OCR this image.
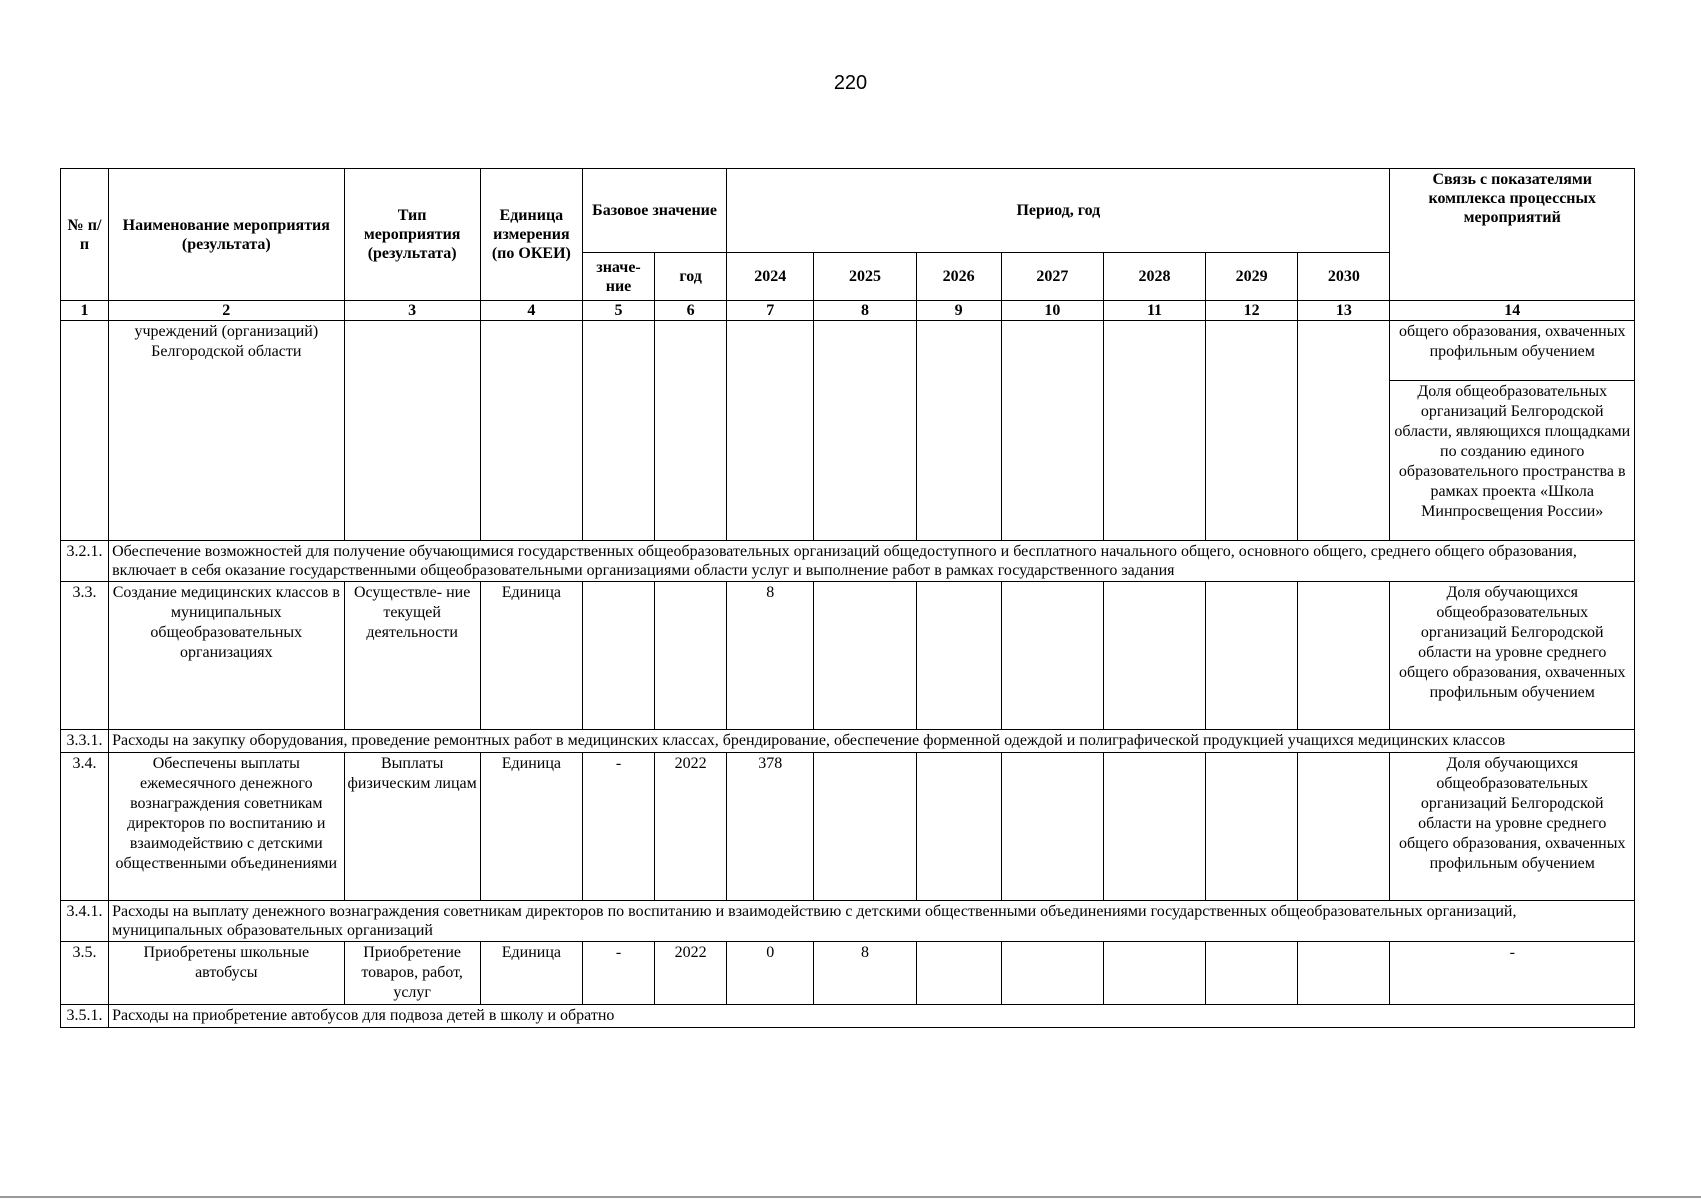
220
№ п/п	Наименование мероприятия (результата)	Тип мероприятия (результата)	Единица измерения (по ОКЕИ)	Базовое значение		Период, год							Связь с показателями комплекса процессных мероприятий
				значе- ние	год	2024	2025	2026	2027	2028	2029	2030	
1	2	3	4	5	6	7	8	9	10	11	12	13	14
	учреждений (организаций) Белгородской области												общего образования, охваченных профильным обучением
													Доля общеобразовательных организаций Белгородской области, являющихся площадками по созданию единого образовательного пространства в рамках проекта «Школа Минпросвещения России»
3.2.1.	Обеспечение возможностей для получение обучающимися государственных общеобразовательных организаций общедоступного и бесплатного начального общего, основного общего, среднего общего образования, включает в себя оказание государственными общеобразовательными организациями области услуг и выполнение работ в рамках государственного задания												
3.3.	Создание медицинских классов в муниципальных общеобразовательных организациях	Осуществле- ние текущей деятельности	Единица			8							Доля обучающихся общеобразовательных организаций Белгородской области на уровне среднего общего образования, охваченных профильным обучением
3.3.1.	Расходы на закупку оборудования, проведение ремонтных работ в медицинских классах, брендирование, обеспечение форменной одеждой и полиграфической продукцией учащихся медицинских классов												
3.4.	Обеспечены выплаты ежемесячного денежного вознаграждения советникам директоров по воспитанию и взаимодействию с детскими общественными объединениями	Выплаты физическим лицам	Единица	-	2022	378							Доля обучающихся общеобразовательных организаций Белгородской области на уровне среднего общего образования, охваченных профильным обучением
3.4.1.	Расходы на выплату денежного вознаграждения советникам директоров по воспитанию и взаимодействию с детскими общественными объединениями государственных общеобразовательных организаций, муниципальных образовательных организаций												
3.5.	Приобретены школьные автобусы	Приобретение товаров, работ, услуг	Единица	-	2022	0	8						-
3.5.1.	Расходы на приобретение автобусов для подвоза детей в школу и обратно												
